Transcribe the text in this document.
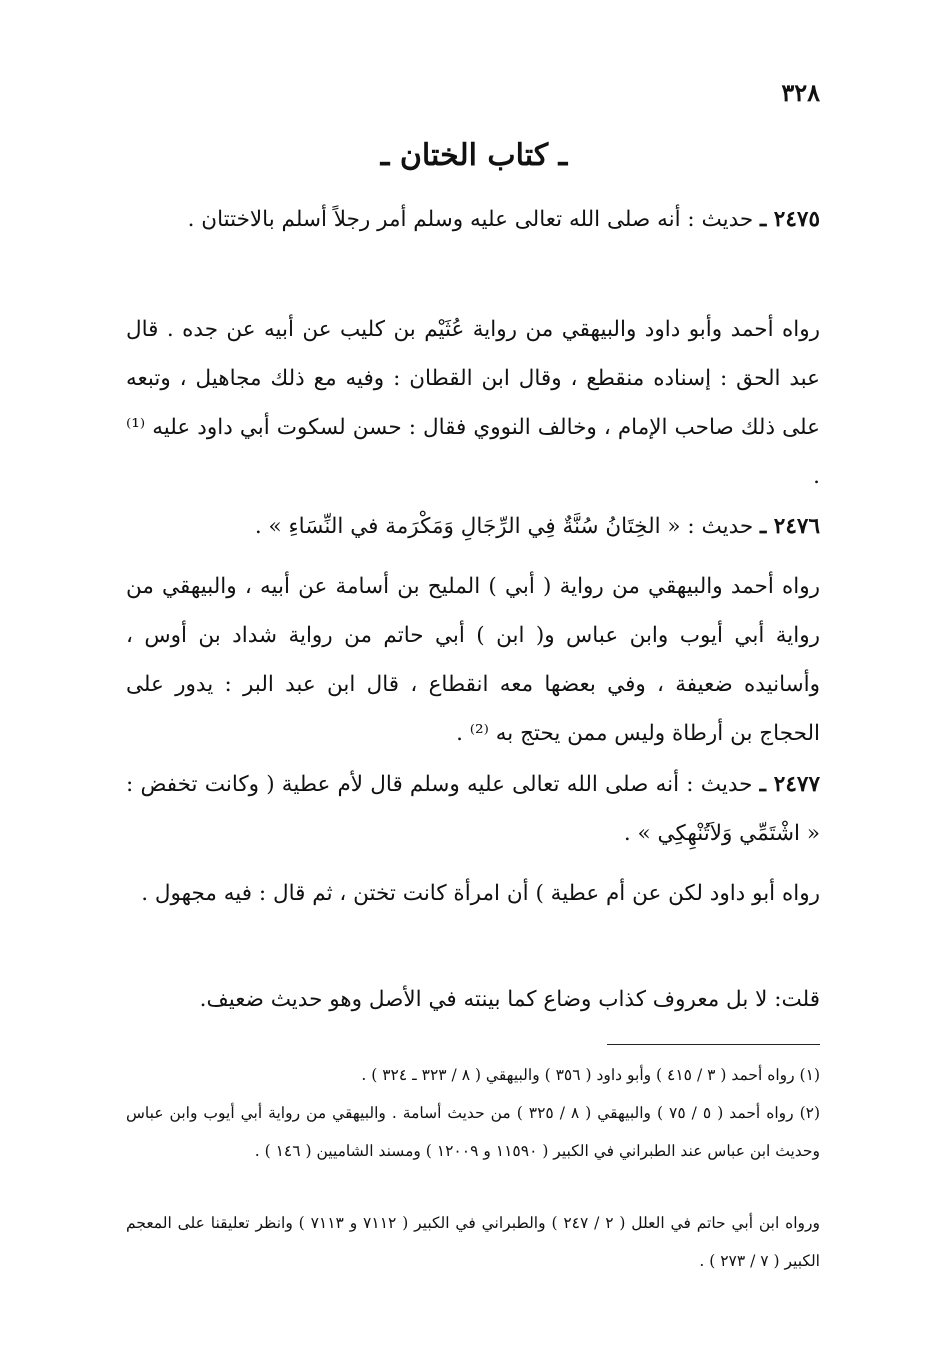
٣٢٨
ـ كتاب الختان ـ

٢٤٧٥ ـ حديث : أنه صلى الله تعالى عليه وسلم أمر رجلاً أسلم بالاختتان .

رواه أحمد وأبو داود والبيهقي من رواية عُثَيْم بن كليب عن أبيه عن جده . قال عبد الحق : إسناده منقطع ، وقال ابن القطان : وفيه مع ذلك مجاهيل ، وتبعه على ذلك صاحب الإمام ، وخالف النووي فقال : حسن لسكوت أبي داود عليه ⁽¹⁾ .

٢٤٧٦ ـ حديث : « الخِتَانُ سُنَّةٌ فِي الرِّجَالِ وَمَكْرَمة في النِّسَاءِ » .

رواه أحمد والبيهقي من رواية ( أبي ) المليح بن أسامة عن أبيه ، والبيهقي من رواية أبي أيوب وابن عباس و( ابن ) أبي حاتم من رواية شداد بن أوس ، وأسانيده ضعيفة ، وفي بعضها معه انقطاع ، قال ابن عبد البر : يدور على الحجاج بن أرطاة وليس ممن يحتج به ⁽²⁾ .

٢٤٧٧ ـ حديث : أنه صلى الله تعالى عليه وسلم قال لأم عطية ( وكانت تخفض : « اشْتَمِّي وَلاَتُنْهِكِي » .

رواه أبو داود لكن عن أم عطية ) أن امرأة كانت تختن ، ثم قال : فيه مجهول .

قلت: لا بل معروف كذاب وضاع كما بينته في الأصل وهو حديث ضعيف.

(١) رواه أحمد ( ٣ / ٤١٥ ) وأبو داود ( ٣٥٦ ) والبيهقي ( ٨ / ٣٢٣ ـ ٣٢٤ ) .

(٢) رواه أحمد ( ٥ / ٧٥ ) والبيهقي ( ٨ / ٣٢٥ ) من حديث أسامة . والبيهقي من رواية أبي أيوب وابن عباس وحديث ابن عباس عند الطبراني في الكبير ( ١١٥٩٠ و ١٢٠٠٩ ) ومسند الشاميين ( ١٤٦ ) .

ورواه ابن أبي حاتم في العلل ( ٢ / ٢٤٧ ) والطبراني في الكبير ( ٧١١٢ و ٧١١٣ ) وانظر تعليقنا على المعجم الكبير ( ٧ / ٢٧٣ ) .
